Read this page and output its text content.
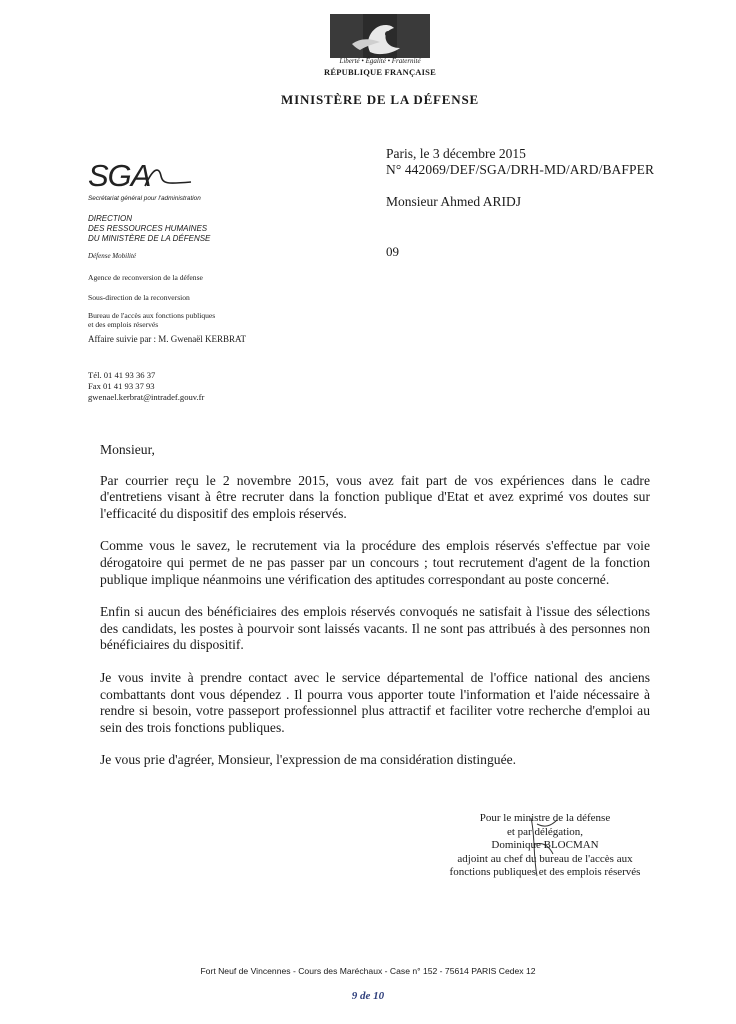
Liberté • Égalité • Fraternité
RÉPUBLIQUE FRANÇAISE
MINISTÈRE DE LA DÉFENSE
SGA
Secrétariat général pour l'administration
DIRECTION
DES RESSOURCES HUMAINES
DU MINISTÈRE DE LA DÉFENSE
Défense Mobilité
Agence de reconversion de la défense
Sous-direction de la reconversion
Bureau de l'accès aux fonctions publiques
et des emplois réservés
Affaire suivie par : M. Gwenaël KERBRAT
Tél. 01 41 93 36 37
Fax 01 41 93 37 93
gwenael.kerbrat@intradef.gouv.fr
Paris, le 3 décembre 2015
N° 442069/DEF/SGA/DRH-MD/ARD/BAFPER
Monsieur Ahmed ARIDJ
09

Monsieur,

Par courrier reçu le 2 novembre 2015, vous avez fait part de vos expériences dans le cadre d'entretiens visant à être recruter dans la fonction publique d'Etat et avez exprimé vos doutes sur l'efficacité du dispositif des emplois réservés.

Comme vous le savez, le recrutement via la procédure des emplois réservés s'effectue par voie dérogatoire qui permet de ne pas passer par un concours ; tout recrutement d'agent de la fonction publique implique néanmoins une vérification des aptitudes correspondant au poste concerné.

Enfin si aucun des bénéficiaires des emplois réservés convoqués ne satisfait à l'issue des sélections des candidats, les postes à pourvoir sont laissés vacants. Il ne sont pas attribués à des personnes non bénéficiaires du dispositif.

Je vous invite à prendre contact avec le service départemental de l'office national des anciens combattants dont vous dépendez . Il pourra vous apporter toute l'information et l'aide nécessaire à rendre si besoin, votre passeport professionnel plus attractif et faciliter votre recherche d'emploi au sein des trois fonctions publiques.

Je vous prie d'agréer, Monsieur, l'expression de ma considération distinguée.

Pour le ministre de la défense
et par délégation,
Dominique BLOCMAN
adjoint au chef du bureau de l'accès aux
fonctions publiques et des emplois réservés
Fort Neuf de Vincennes - Cours des Maréchaux - Case n° 152 - 75614 PARIS Cedex 12
9 de 10
